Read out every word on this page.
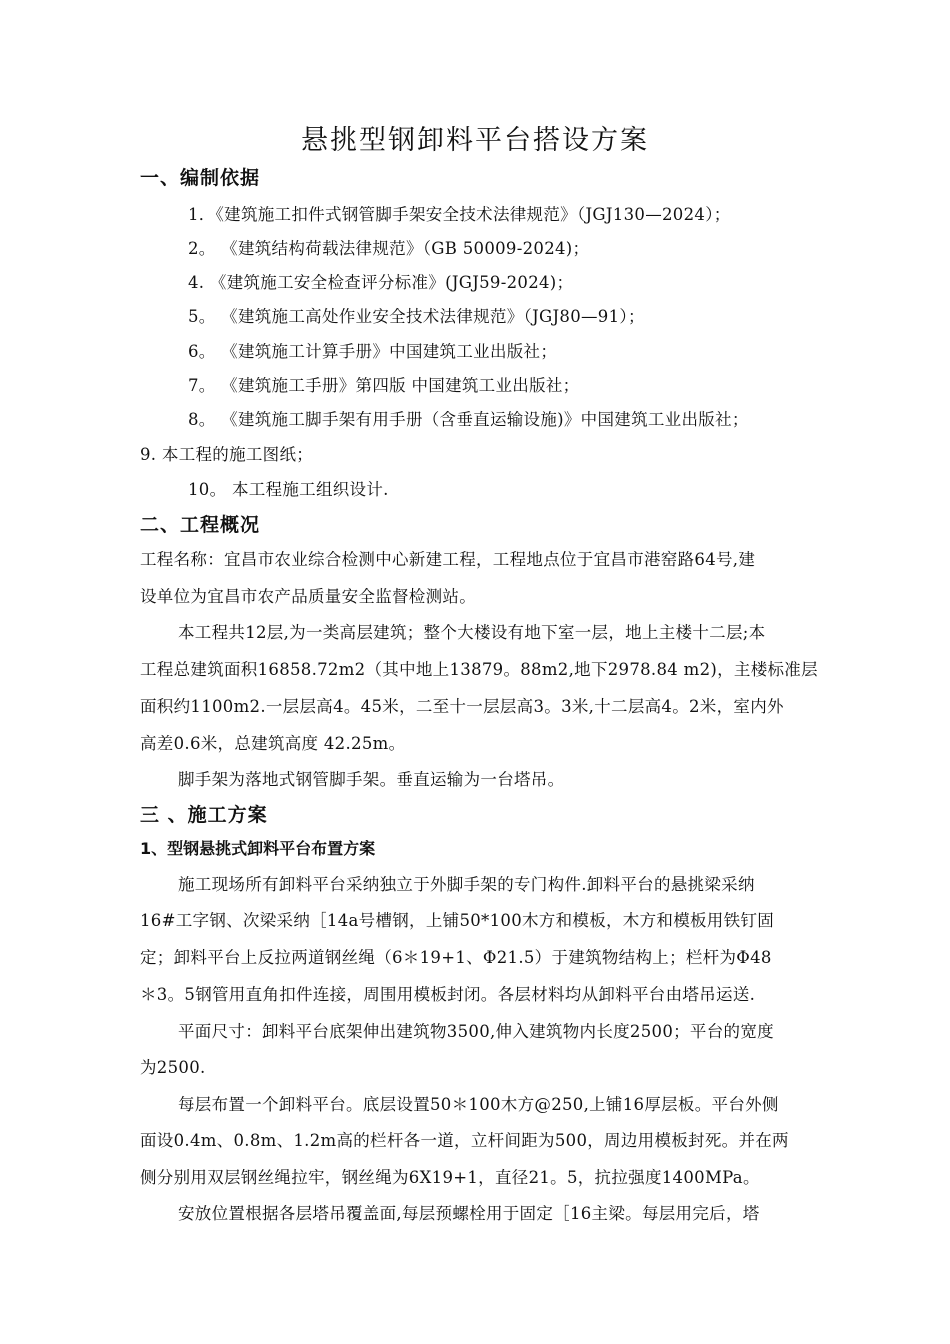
悬挑型钢卸料平台搭设方案
一、编制依据
1．《建筑施工扣件式钢管脚手架安全技术法律规范》（JGJ130—2024）；
2。 《建筑结构荷载法律规范》（GB 50009-2024)；
4. 《建筑施工安全检查评分标准》(JGJ59-2024)；
5。 《建筑施工高处作业安全技术法律规范》（JGJ80—91）；
6。 《建筑施工计算手册》中国建筑工业出版社；
7。 《建筑施工手册》第四版 中国建筑工业出版社；
8。 《建筑施工脚手架有用手册（含垂直运输设施)》中国建筑工业出版社；
9. 本工程的施工图纸；
10。 本工程施工组织设计.
二、工程概况
工程名称：宜昌市农业综合检测中心新建工程，工程地点位于宜昌市港窑路64号,建
设单位为宜昌市农产品质量安全监督检测站。
本工程共12层,为一类高层建筑；整个大楼设有地下室一层，地上主楼十二层;本
工程总建筑面积16858.72m2（其中地上13879。88m2,地下2978.84 m2)，主楼标准层
面积约1100m2.一层层高4。45米，二至十一层层高3。3米,十二层高4。2米，室内外
高差0.6米，总建筑高度 42.25m。
脚手架为落地式钢管脚手架。垂直运输为一台塔吊。
三 、施工方案
1、型钢悬挑式卸料平台布置方案
施工现场所有卸料平台采纳独立于外脚手架的专门构件.卸料平台的悬挑梁采纳
16#工字钢、次梁采纳［14a号槽钢，上铺50*100木方和模板，木方和模板用铁钉固
定；卸料平台上反拉两道钢丝绳（6＊19+1、Φ21.5）于建筑物结构上；栏杆为Φ48
＊3。5钢管用直角扣件连接，周围用模板封闭。各层材料均从卸料平台由塔吊运送.
平面尺寸：卸料平台底架伸出建筑物3500,伸入建筑物内长度2500；平台的宽度
为2500.
每层布置一个卸料平台。底层设置50＊100木方@250,上铺16厚层板。平台外侧
面设0.4m、0.8m、1.2m高的栏杆各一道，立杆间距为500，周边用模板封死。并在两
侧分别用双层钢丝绳拉牢，钢丝绳为6X19+1，直径21。5，抗拉强度1400MPa。
安放位置根据各层塔吊覆盖面,每层预螺栓用于固定［16主梁。每层用完后，塔
